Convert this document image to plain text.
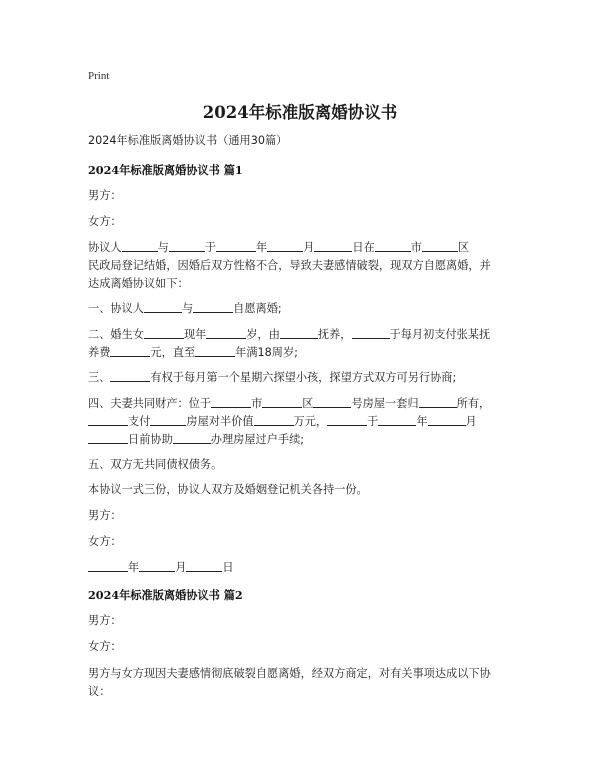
Print
2024年标准版离婚协议书
2024年标准版离婚协议书（通用30篇）
2024年标准版离婚协议书 篇1
男方：
女方：
协议人	与	于	年	月	日在	市	区
民政局登记结婚，因婚后双方性格不合，导致夫妻感情破裂，现双方自愿离婚，并
达成离婚协议如下：
一、协议人	与	自愿离婚;
二、婚生女	现年	岁，由	抚养，	于每月初支付张某抚
养费	元，直至	年满18周岁;
三、	有权于每月第一个星期六探望小孩，探望方式双方可另行协商;
四、夫妻共同财产：位于	市	区	号房屋一套归	所有，
支付	房屋对半价值	万元，	于	年	月
日前协助	办理房屋过户手续;
五、双方无共同债权债务。
本协议一式三份，协议人双方及婚姻登记机关各持一份。
男方：
女方：
年	月	日
2024年标准版离婚协议书 篇2
男方：
女方：
男方与女方现因夫妻感情彻底破裂自愿离婚，经双方商定，对有关事项达成以下协
议：
